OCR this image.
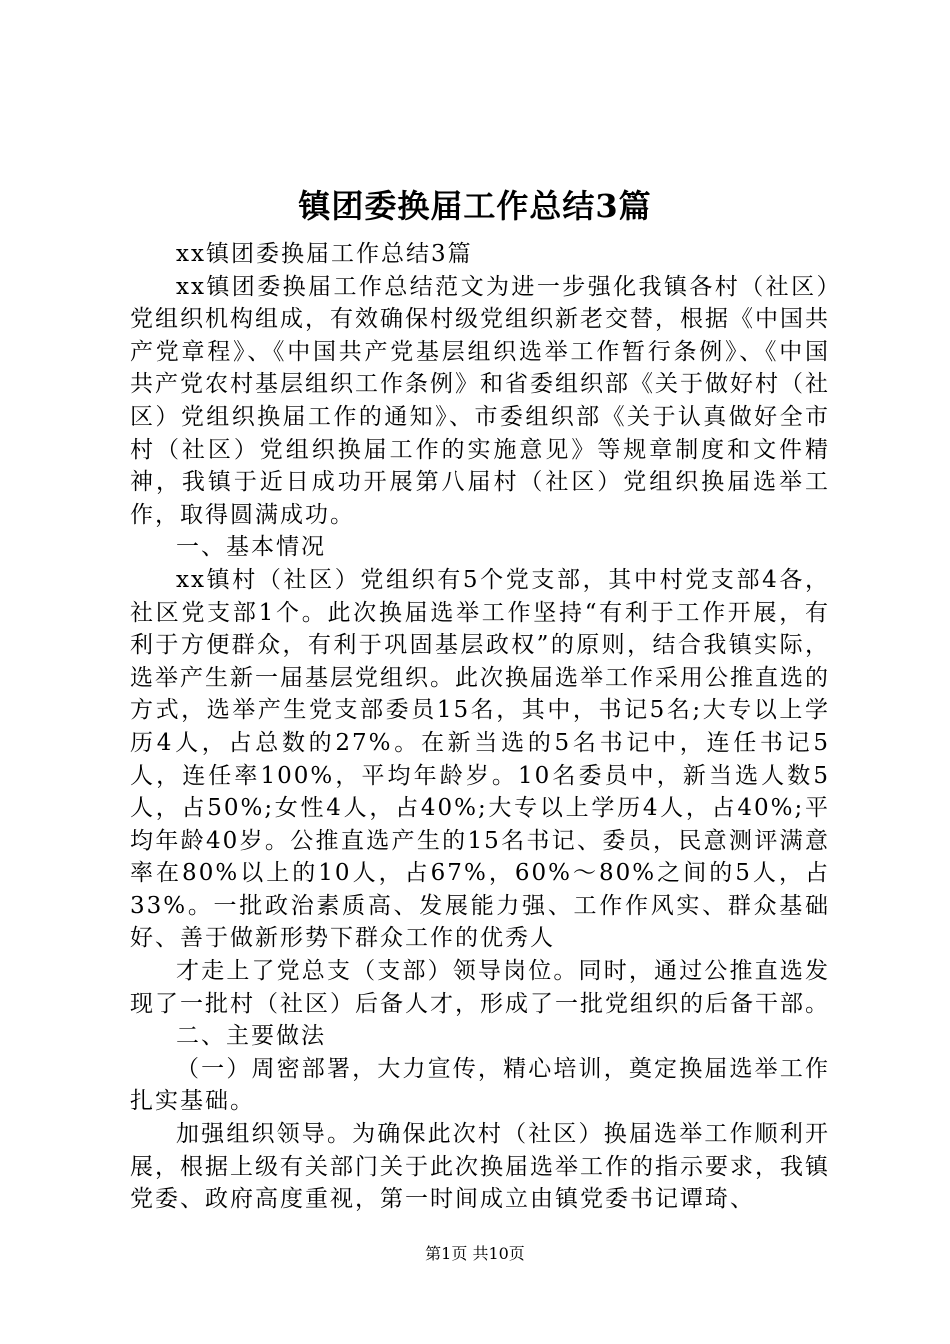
镇团委换届工作总结3篇

xx镇团委换届工作总结3篇

xx镇团委换届工作总结范文为进一步强化我镇各村（社区）党组织机构组成，有效确保村级党组织新老交替，根据《中国共产党章程》、《中国共产党基层组织选举工作暂行条例》、《中国共产党农村基层组织工作条例》和省委组织部《关于做好村（社区）党组织换届工作的通知》、市委组织部《关于认真做好全市村（社区）党组织换届工作的实施意见》等规章制度和文件精神，我镇于近日成功开展第八届村（社区）党组织换届选举工作，取得圆满成功。

一、基本情况

xx镇村（社区）党组织有5个党支部，其中村党支部4各，社区党支部1个。此次换届选举工作坚持“有利于工作开展，有利于方便群众，有利于巩固基层政权”的原则，结合我镇实际，选举产生新一届基层党组织。此次换届选举工作采用公推直选的方式，选举产生党支部委员15名，其中，书记5名;大专以上学历4人，占总数的27%。在新当选的5名书记中，连任书记5人，连任率100%，平均年龄岁。10名委员中，新当选人数5人，占50%;女性4人，占40%;大专以上学历4人，占40%;平均年龄40岁。公推直选产生的15名书记、委员，民意测评满意率在80%以上的10人，占67%，60%～80%之间的5人，占33%。一批政治素质高、发展能力强、工作作风实、群众基础好、善于做新形势下群众工作的优秀人

才走上了党总支（支部）领导岗位。同时，通过公推直选发现了一批村（社区）后备人才，形成了一批党组织的后备干部。

二、主要做法

（一）周密部署，大力宣传，精心培训，奠定换届选举工作扎实基础。

加强组织领导。为确保此次村（社区）换届选举工作顺利开展，根据上级有关部门关于此次换届选举工作的指示要求，我镇党委、政府高度重视，第一时间成立由镇党委书记谭琦、

第1页 共10页
